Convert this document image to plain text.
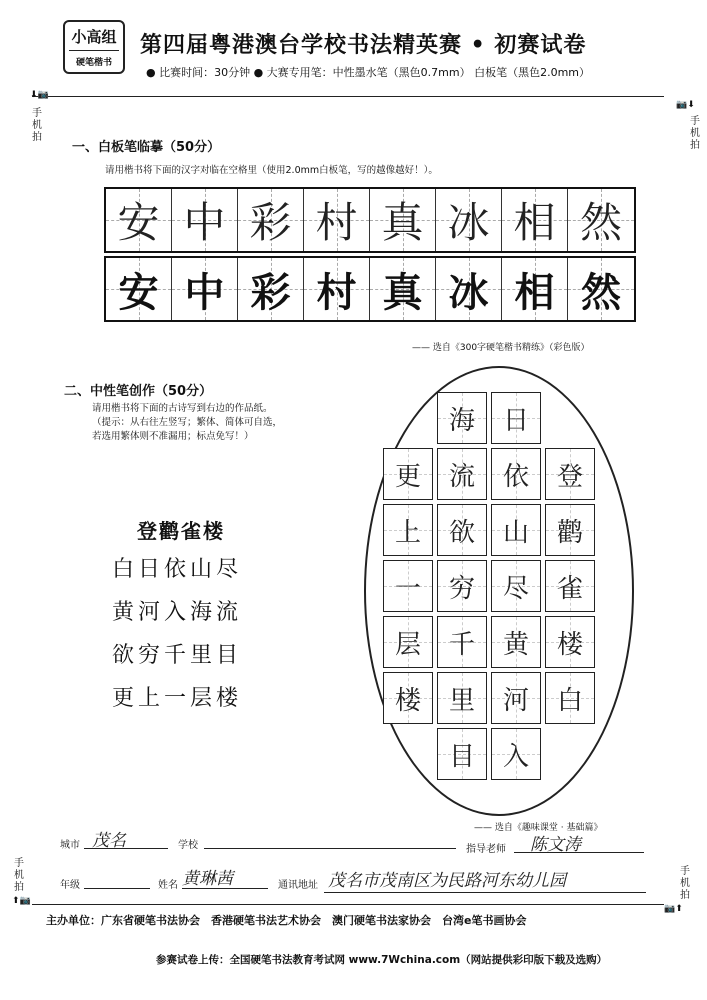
小高组
硬笔楷书
第四届粤港澳台学校书法精英赛 • 初赛试卷
● 比赛时间：30分钟 ● 大赛专用笔：中性墨水笔（黑色0.7mm） 白板笔（黑色2.0mm）
⬇📷
手机拍
📷⬇
手机拍
手机拍
⬆📷
手机拍
📷⬆
一、白板笔临摹（50分）
请用楷书将下面的汉字对临在空格里（使用2.0mm白板笔，写的越像越好！）。
安 中 彩 村 真 冰 相 然
安 中 彩 村 真 冰 相 然
—— 选自《300字硬笔楷书精练》（彩色版）
二、中性笔创作（50分）
请用楷书将下面的古诗写到右边的作品纸。
（提示：从右往左竖写；繁体、简体可自选，
若选用繁体则不准漏用；标点免写！）
登鹳雀楼
白日依山尽
黄河入海流
欲穷千里目
更上一层楼
登
鹳
雀
楼
白
日
依
山
尽
黄
河
入
海
流
欲
穷
千
里
目
更
上
一
层
楼
—— 选自《趣味课堂 · 基础篇》
城市 茂名	学校	指导老师 陈文涛
年级	姓名 黄琳茜	通讯地址 茂名市茂南区为民路河东幼儿园
主办单位：广东省硬笔书法协会　香港硬笔书法艺术协会　澳门硬笔书法家协会　台湾e笔书画协会
参赛试卷上传：全国硬笔书法教育考试网 www.7Wchina.com（网站提供彩印版下载及选购）
